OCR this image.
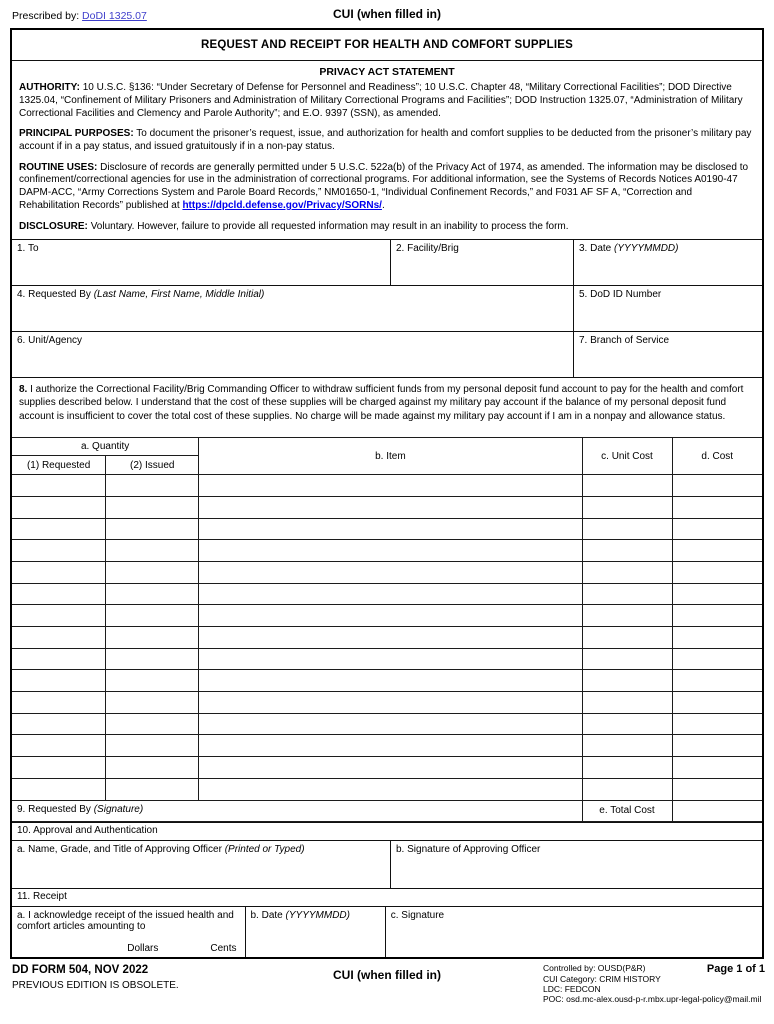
Prescribed by: DoDI 1325.07	CUI (when filled in)
REQUEST AND RECEIPT FOR HEALTH AND COMFORT SUPPLIES
PRIVACY ACT STATEMENT

AUTHORITY: 10 U.S.C. §136: “Under Secretary of Defense for Personnel and Readiness”; 10 U.S.C. Chapter 48, “Military Correctional Facilities”; DOD Directive 1325.04, “Confinement of Military Prisoners and Administration of Military Correctional Programs and Facilities”; DOD Instruction 1325.07, “Administration of Military Correctional Facilities and Clemency and Parole Authority”; and E.O. 9397 (SSN), as amended.

PRINCIPAL PURPOSES: To document the prisoner’s request, issue, and authorization for health and comfort supplies to be deducted from the prisoner’s military pay account if in a pay status, and issued gratuitously if in a non-pay status.

ROUTINE USES: Disclosure of records are generally permitted under 5 U.S.C. 522a(b) of the Privacy Act of 1974, as amended. The information may be disclosed to confinement/correctional agencies for use in the administration of correctional programs. For additional information, see the Systems of Records Notices A0190-47 DAPM-ACC, “Army Corrections System and Parole Board Records,” NM01650-1, “Individual Confinement Records,” and F031 AF SF A, “Correction and Rehabilitation Records” published at https://dpcld.defense.gov/Privacy/SORNs/.

DISCLOSURE: Voluntary. However, failure to provide all requested information may result in an inability to process the form.

1. To	2. Facility/Brig	3. Date (YYYYMMDD)
4. Requested By (Last Name, First Name, Middle Initial)	5. DoD ID Number
6. Unit/Agency	7. Branch of Service
8. I authorize the Correctional Facility/Brig Commanding Officer to withdraw sufficient funds from my personal deposit fund account to pay for the health and comfort supplies described below. I understand that the cost of these supplies will be charged against my military pay account if the balance of my personal deposit fund account is insufficient to cover the total cost of these supplies. No charge will be made against my military pay account if I am in a nonpay and allowance status.
a. Quantity		b. Item	c. Unit Cost	d. Cost
(1) Requested	(2) Issued			

9. Requested By (Signature)			e. Total Cost	
10. Approval and Authentication
a. Name, Grade, and Title of Approving Officer (Printed or Typed)	b. Signature of Approving Officer
11. Receipt
a. I acknowledge receipt of the issued health and comfort articles amounting to
Dollars	Cents
b. Date (YYYYMMDD)	c. Signature
DD FORM 504, NOV 2022
PREVIOUS EDITION IS OBSOLETE.
CUI (when filled in)	Controlled by: OUSD(P&R)
CUI Category: CRIM HISTORY
LDC: FEDCON
POC: osd.mc-alex.ousd-p-r.mbx.upr-legal-policy@mail.mil
Page 1 of 1
